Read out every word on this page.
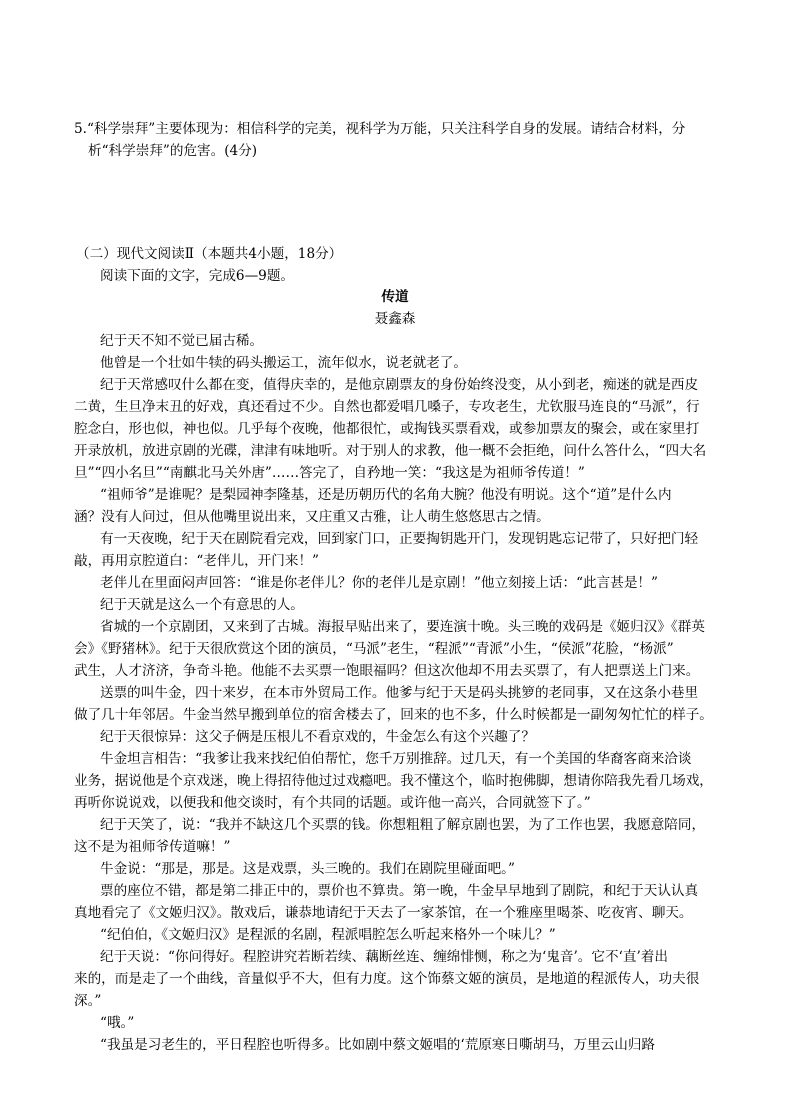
5.“科学崇拜”主要体现为：相信科学的完美，视科学为万能，只关注科学自身的发展。请结合材料，分
析“科学崇拜”的危害。(4分)
（二）现代文阅读Ⅱ（本题共4小题，18分）
阅读下面的文字，完成6—9题。
传道
聂鑫森
纪于天不知不觉已届古稀。
他曾是一个壮如牛犊的码头搬运工，流年似水，说老就老了。
纪于天常感叹什么都在变，值得庆幸的，是他京剧票友的身份始终没变，从小到老，痴迷的就是西皮
二黄，生旦净末丑的好戏，真还看过不少。自然也都爱唱几嗓子，专攻老生，尤钦服马连良的“马派”，行
腔念白，形也似，神也似。几乎每个夜晚，他都很忙，或掏钱买票看戏，或参加票友的聚会，或在家里打
开录放机，放进京剧的光碟，津津有味地听。对于别人的求教，他一概不会拒绝，问什么答什么，“四大名
旦”“四小名旦”“南麒北马关外唐”……答完了，自矜地一笑：“我这是为祖师爷传道！”
“祖师爷”是谁呢？是梨园神李隆基，还是历朝历代的名角大腕？他没有明说。这个“道”是什么内
涵？没有人问过，但从他嘴里说出来，又庄重又古雅，让人萌生悠悠思古之情。
有一天夜晚，纪于天在剧院看完戏，回到家门口，正要掏钥匙开门，发现钥匙忘记带了，只好把门轻
敲，再用京腔道白：“老伴儿，开门来！”
老伴儿在里面闷声回答：“谁是你老伴儿？你的老伴儿是京剧！”他立刻接上话：“此言甚是！”
纪于天就是这么一个有意思的人。
省城的一个京剧团，又来到了古城。海报早贴出来了，要连演十晚。头三晚的戏码是《姬归汉》《群英
会》《野猪林》。纪于天很欣赏这个团的演员，“马派”老生，“程派”“青派”小生，“侯派”花脸，“杨派”
武生，人才济济，争奇斗艳。他能不去买票一饱眼福吗？但这次他却不用去买票了，有人把票送上门来。
送票的叫牛金，四十来岁，在本市外贸局工作。他爹与纪于天是码头挑箩的老同事，又在这条小巷里
做了几十年邻居。牛金当然早搬到单位的宿舍楼去了，回来的也不多，什么时候都是一副匆匆忙忙的样子。
纪于天很惊异：这父子俩是压根儿不看京戏的，牛金怎么有这个兴趣了？
牛金坦言相告：“我爹让我来找纪伯伯帮忙，您千万别推辞。过几天，有一个美国的华裔客商来洽谈
业务，据说他是个京戏迷，晚上得招待他过过戏瘾吧。我不懂这个，临时抱佛脚，想请你陪我先看几场戏，
再听你说说戏，以便我和他交谈时，有个共同的话题。或许他一高兴，合同就签下了。”
纪于天笑了，说：“我并不缺这几个买票的钱。你想粗粗了解京剧也罢，为了工作也罢，我愿意陪同，
这不是为祖师爷传道嘛！”
牛金说：“那是，那是。这是戏票，头三晚的。我们在剧院里碰面吧。”
票的座位不错，都是第二排正中的，票价也不算贵。第一晚，牛金早早地到了剧院，和纪于天认认真
真地看完了《文姬归汉》。散戏后，谦恭地请纪于天去了一家茶馆，在一个雅座里喝茶、吃夜宵、聊天。
“纪伯伯，《文姬归汉》是程派的名剧，程派唱腔怎么听起来格外一个味儿？”
纪于天说：“你问得好。程腔讲究若断若续、藕断丝连、缠绵悱恻，称之为‘鬼音’。它不‘直’着出
来的，而是走了一个曲线，音量似乎不大，但有力度。这个饰蔡文姬的演员，是地道的程派传人，功夫很
深。”
“哦。”
“我虽是习老生的，平日程腔也听得多。比如剧中蔡文姬唱的‘荒原寒日嘶胡马，万里云山归路
